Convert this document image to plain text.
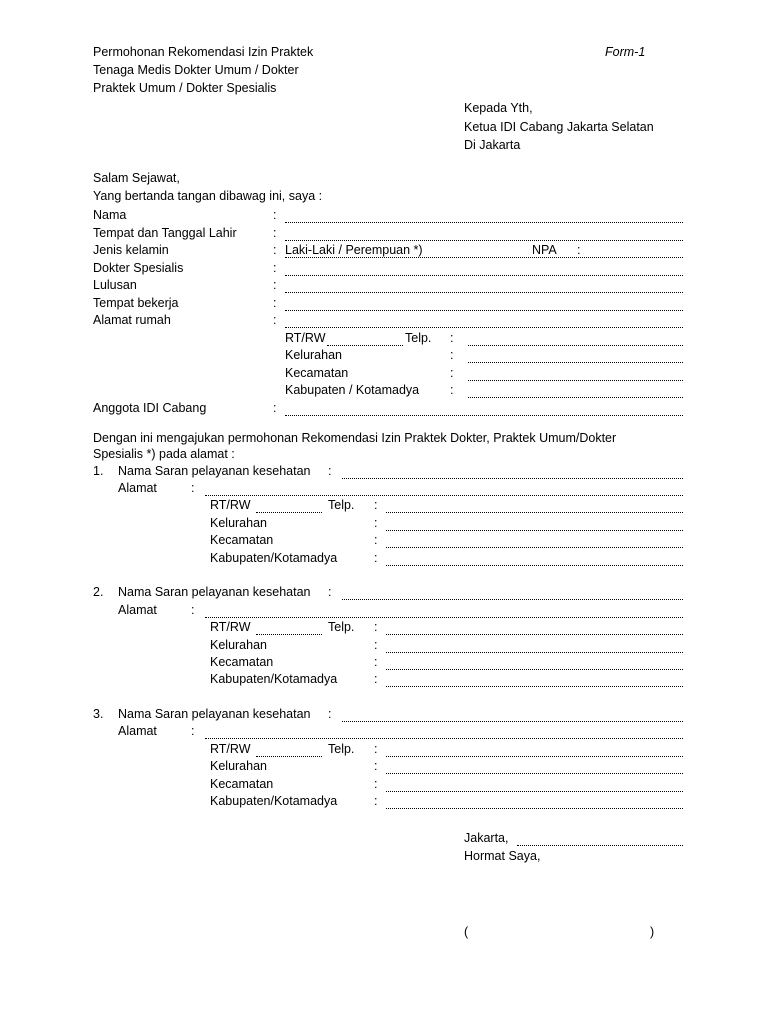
Permohonan Rekomendasi Izin Praktek
Tenaga Medis Dokter Umum / Dokter
Praktek Umum / Dokter Spesialis
Form-1
Kepada Yth,
Ketua IDI Cabang Jakarta Selatan
Di Jakarta
Salam Sejawat,
Yang bertanda tangan dibawag ini, saya :
Nama	:
Tempat dan Tanggal Lahir	:
Jenis kelamin	: Laki-Laki / Perempuan *)	NPA :
Dokter Spesialis	:
Lulusan	:
Tempat bekerja	:
Alamat rumah	:
RT/RW	Telp. :
Kelurahan	:
Kecamatan	:
Kabupaten / Kotamadya :
Anggota IDI Cabang	:
Dengan ini mengajukan permohonan Rekomendasi Izin Praktek Dokter, Praktek Umum/Dokter
Spesialis *) pada alamat :
1. Nama Saran pelayanan kesehatan :
Alamat	:
RT/RW	Telp. :
Kelurahan	:
Kecamatan	:
Kabupaten/Kotamadya	:
2. Nama Saran pelayanan kesehatan :
Alamat	:
RT/RW	Telp. :
Kelurahan	:
Kecamatan	:
Kabupaten/Kotamadya	:
3. Nama Saran pelayanan kesehatan :
Alamat	:
RT/RW	Telp. :
Kelurahan	:
Kecamatan	:
Kabupaten/Kotamadya	:
Jakarta,
Hormat Saya,
(	)
